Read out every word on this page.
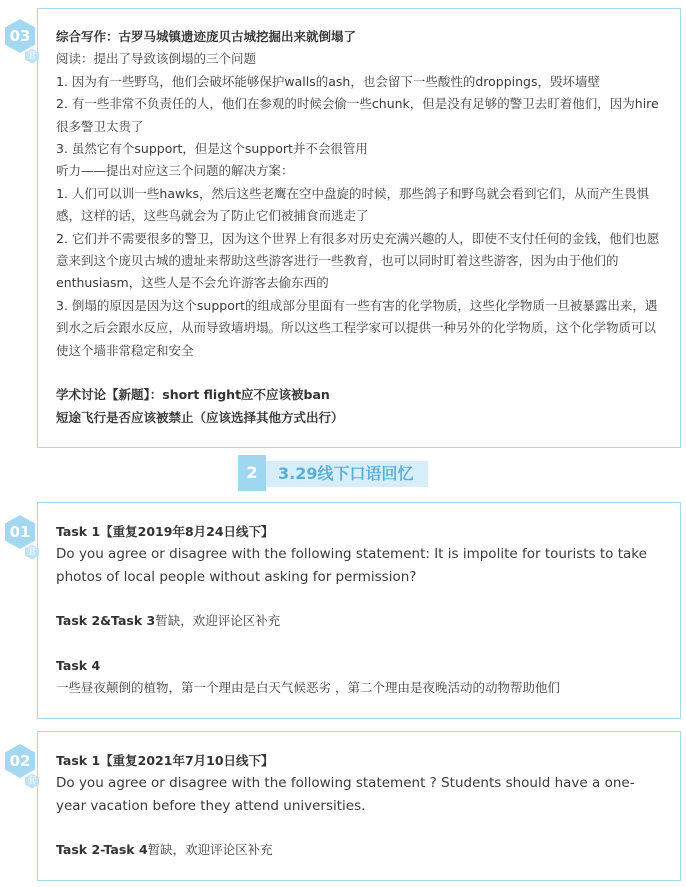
综合写作：古罗马城镇遗迹庞贝古城挖掘出来就倒塌了

阅读：提出了导致该倒塌的三个问题

1. 因为有一些野鸟，他们会破坏能够保护walls的ash，也会留下一些酸性的droppings，毁坏墙壁

2. 有一些非常不负责任的人，他们在参观的时候会偷一些chunk，但是没有足够的警卫去盯着他们，因为hire很多警卫太贵了

3. 虽然它有个support，但是这个support并不会很管用

听力——提出对应这三个问题的解决方案：

1. 人们可以训一些hawks，然后这些老鹰在空中盘旋的时候，那些鸽子和野鸟就会看到它们，从而产生畏惧感，这样的话，这些鸟就会为了防止它们被捕食而逃走了

2. 它们并不需要很多的警卫，因为这个世界上有很多对历史充满兴趣的人，即使不支付任何的金钱，他们也愿意来到这个庞贝古城的遗址来帮助这些游客进行一些教育，也可以同时盯着这些游客，因为由于他们的enthusiasm，这些人是不会允许游客去偷东西的

3. 倒塌的原因是因为这个support的组成部分里面有一些有害的化学物质，这些化学物质一旦被暴露出来，遇到水之后会跟水反应，从而导致墙坍塌。所以这些工程学家可以提供一种另外的化学物质，这个化学物质可以使这个墙非常稳定和安全

学术讨论【新题】：short flight应不应该被ban

短途飞行是否应该被禁止（应该选择其他方式出行）

03
套
2	3.29线下口语回忆

Task 1【重复2019年8月24日线下】

Do you agree or disagree with the following statement: It is impolite for tourists to take photos of local people without asking for permission?

Task 2&Task 3暂缺，欢迎评论区补充

Task 4

一些昼夜颠倒的植物，第一个理由是白天气候恶劣 ，第二个理由是夜晚活动的动物帮助他们

01
套

Task 1【重复2021年7月10日线下】

Do you agree or disagree with the following statement ? Students should have a one-year vacation before they attend universities.

Task 2-Task 4暂缺，欢迎评论区补充

02
套
